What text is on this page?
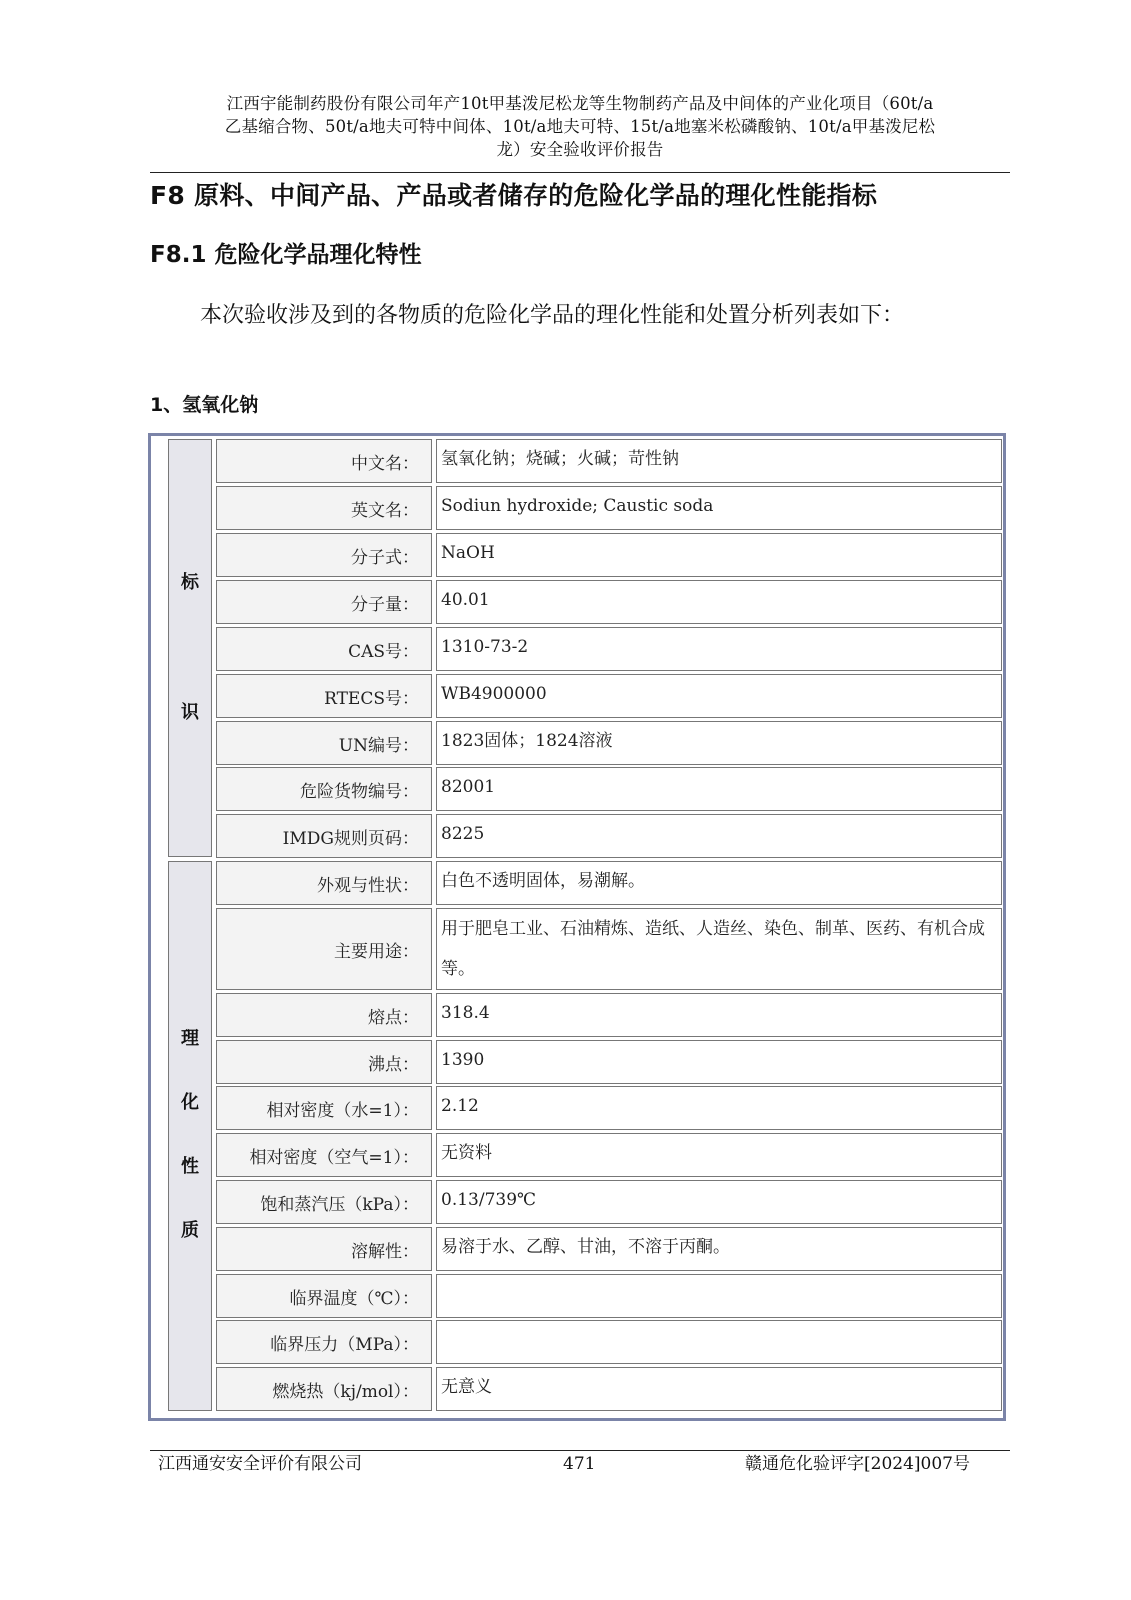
江西宇能制药股份有限公司年产10t甲基泼尼松龙等生物制药产品及中间体的产业化项目（60t/a
乙基缩合物、50t/a地夫可特中间体、10t/a地夫可特、15t/a地塞米松磷酸钠、10t/a甲基泼尼松
龙）安全验收评价报告
F8 原料、中间产品、产品或者储存的危险化学品的理化性能指标
F8.1 危险化学品理化特性
本次验收涉及到的各物质的危险化学品的理化性能和处置分析列表如下：
1、氢氧化钠
标
识
理
化
性
质
中文名：	氢氧化钠；烧碱；火碱；苛性钠
英文名：	Sodiun hydroxide; Caustic soda
分子式：	NaOH
分子量：	40.01
CAS号：	1310-73-2
RTECS号：	WB4900000
UN编号：	1823固体；1824溶液
危险货物编号：	82001
IMDG规则页码：	8225
外观与性状：	白色不透明固体，易潮解。
主要用途：
用于肥皂工业、石油精炼、造纸、人造丝、染色、制革、医药、有机合成等。
熔点：	318.4
沸点：	1390
相对密度（水=1）：	2.12
相对密度（空气=1）：	无资料
饱和蒸汽压（kPa）：	0.13/739℃
溶解性：	易溶于水、乙醇、甘油，不溶于丙酮。
临界温度（℃）：
临界压力（MPa）：
燃烧热（kj/mol）：	无意义
江西通安安全评价有限公司	471	赣通危化验评字[2024]007号
